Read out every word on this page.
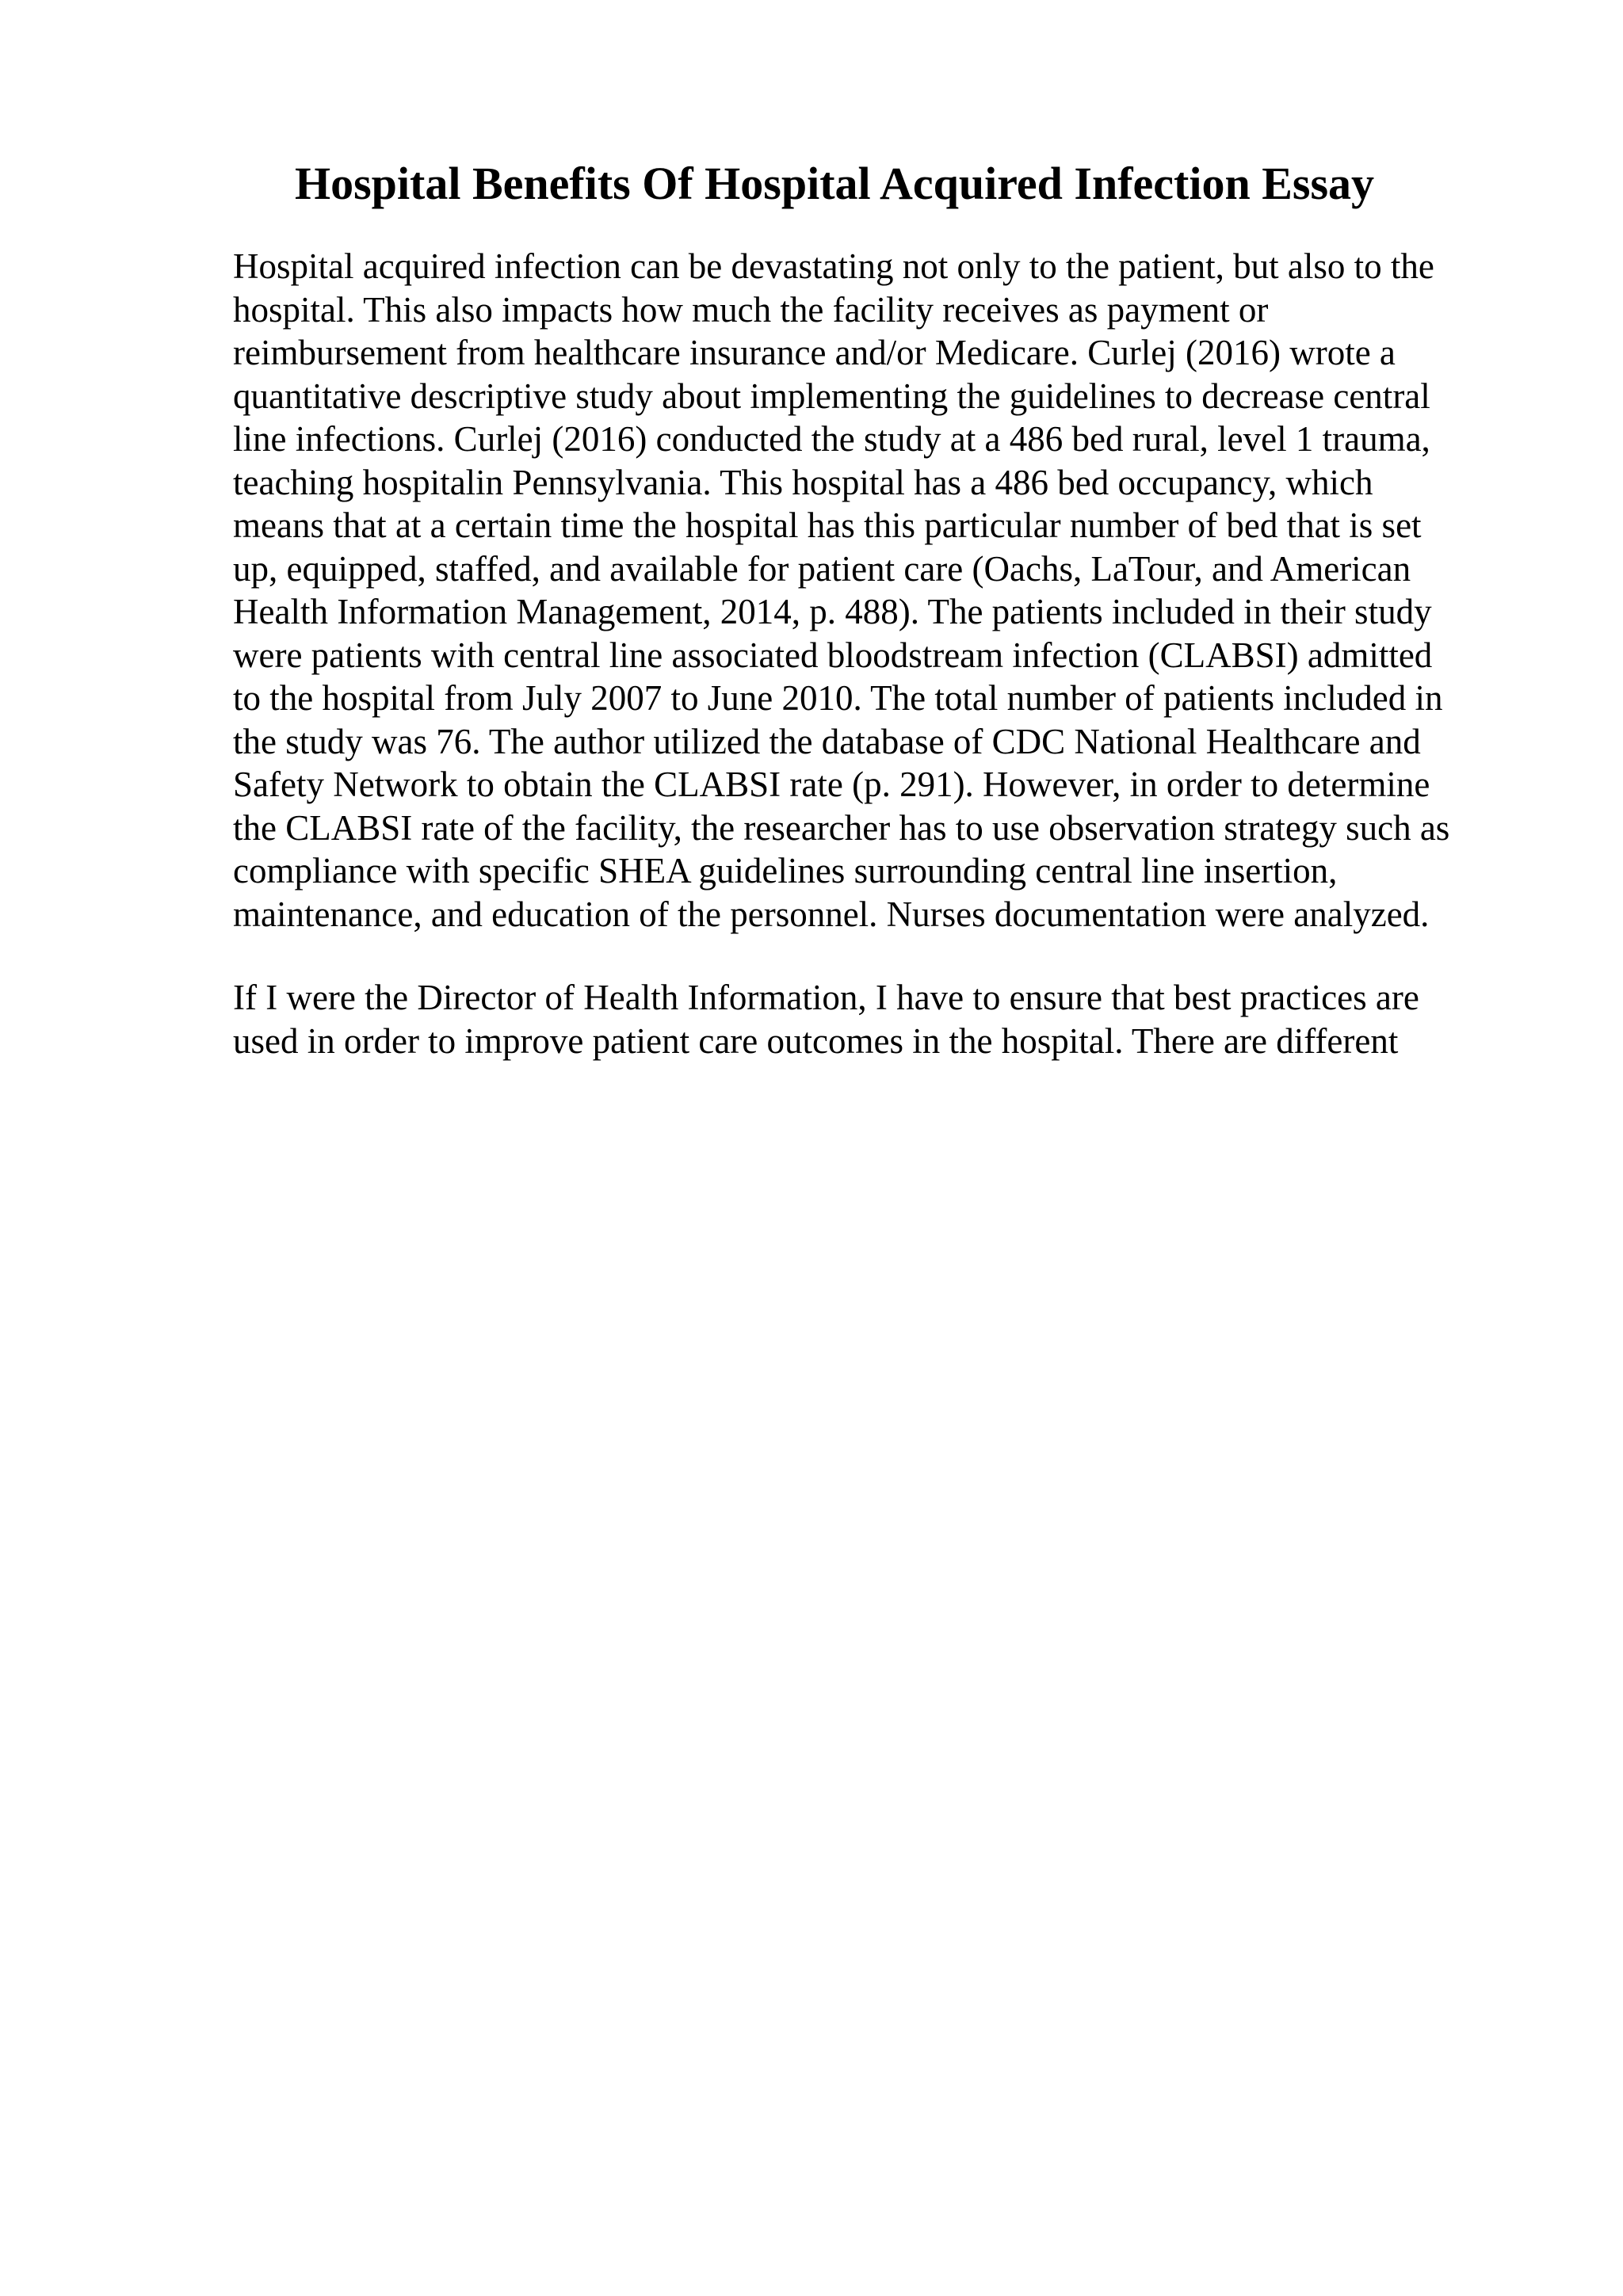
Hospital Benefits Of Hospital Acquired Infection Essay

Hospital acquired infection can be devastating not only to the patient, but also to the
hospital. This also impacts how much the facility receives as payment or
reimbursement from healthcare insurance and/or Medicare. Curlej (2016) wrote a
quantitative descriptive study about implementing the guidelines to decrease central
line infections. Curlej (2016) conducted the study at a 486 bed rural, level 1 trauma,
teaching hospitalin Pennsylvania. This hospital has a 486 bed occupancy, which
means that at a certain time the hospital has this particular number of bed that is set
up, equipped, staffed, and available for patient care (Oachs, LaTour, and American
Health Information Management, 2014, p. 488). The patients included in their study
were patients with central line associated bloodstream infection (CLABSI) admitted
to the hospital from July 2007 to June 2010. The total number of patients included in
the study was 76. The author utilized the database of CDC National Healthcare and
Safety Network to obtain the CLABSI rate (p. 291). However, in order to determine
the CLABSI rate of the facility, the researcher has to use observation strategy such as
compliance with specific SHEA guidelines surrounding central line insertion,
maintenance, and education of the personnel. Nurses documentation were analyzed.

If I were the Director of Health Information, I have to ensure that best practices are
used in order to improve patient care outcomes in the hospital. There are different
